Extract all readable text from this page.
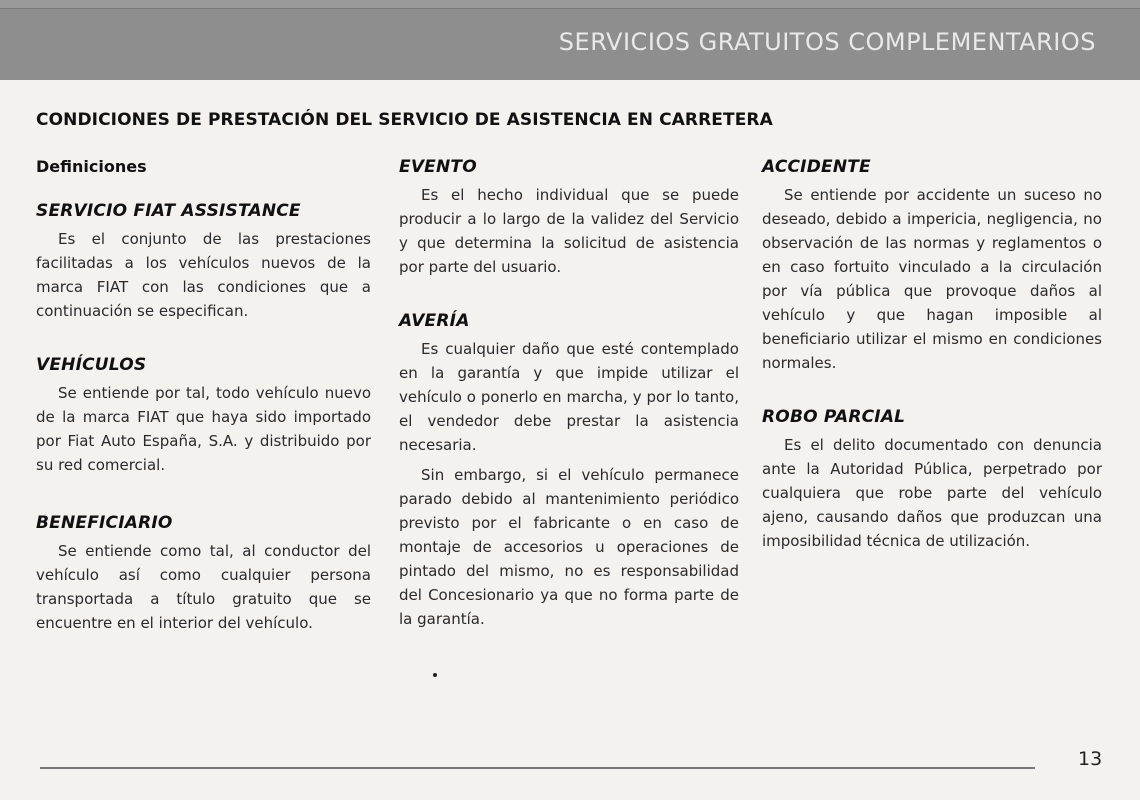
SERVICIOS GRATUITOS COMPLEMENTARIOS
CONDICIONES DE PRESTACIÓN DEL SERVICIO DE ASISTENCIA EN CARRETERA
Definiciones
SERVICIO FIAT ASSISTANCE

Es el conjunto de las prestaciones facilitadas a los vehículos nuevos de la marca FIAT con las condiciones que a continuación se especifican.

VEHÍCULOS

Se entiende por tal, todo vehículo nuevo de la marca FIAT que haya sido importado por Fiat Auto España, S.A. y distribuido por su red comercial.

BENEFICIARIO

Se entiende como tal, al conductor del vehículo así como cualquier persona transportada a título gratuito que se encuentre en el interior del vehículo.

EVENTO

Es el hecho individual que se puede producir a lo largo de la validez del Servicio y que determina la solicitud de asistencia por parte del usuario.

AVERÍA

Es cualquier daño que esté contemplado en la garantía y que impide utilizar el vehículo o ponerlo en marcha, y por lo tanto, el vendedor debe prestar la asistencia necesaria.

Sin embargo, si el vehículo permanece parado debido al mantenimiento periódico previsto por el fabricante o en caso de montaje de accesorios u operaciones de pintado del mismo, no es responsabilidad del Concesionario ya que no forma parte de la garantía.

ACCIDENTE

Se entiende por accidente un suceso no deseado, debido a impericia, negligencia, no observación de las normas y reglamentos o en caso fortuito vinculado a la circulación por vía pública que provoque daños al vehículo y que hagan imposible al beneficiario utilizar el mismo en condiciones normales.

ROBO PARCIAL

Es el delito documentado con denuncia ante la Autoridad Pública, perpetrado por cualquiera que robe parte del vehículo ajeno, causando daños que produzcan una imposibilidad técnica de utilización.

13
